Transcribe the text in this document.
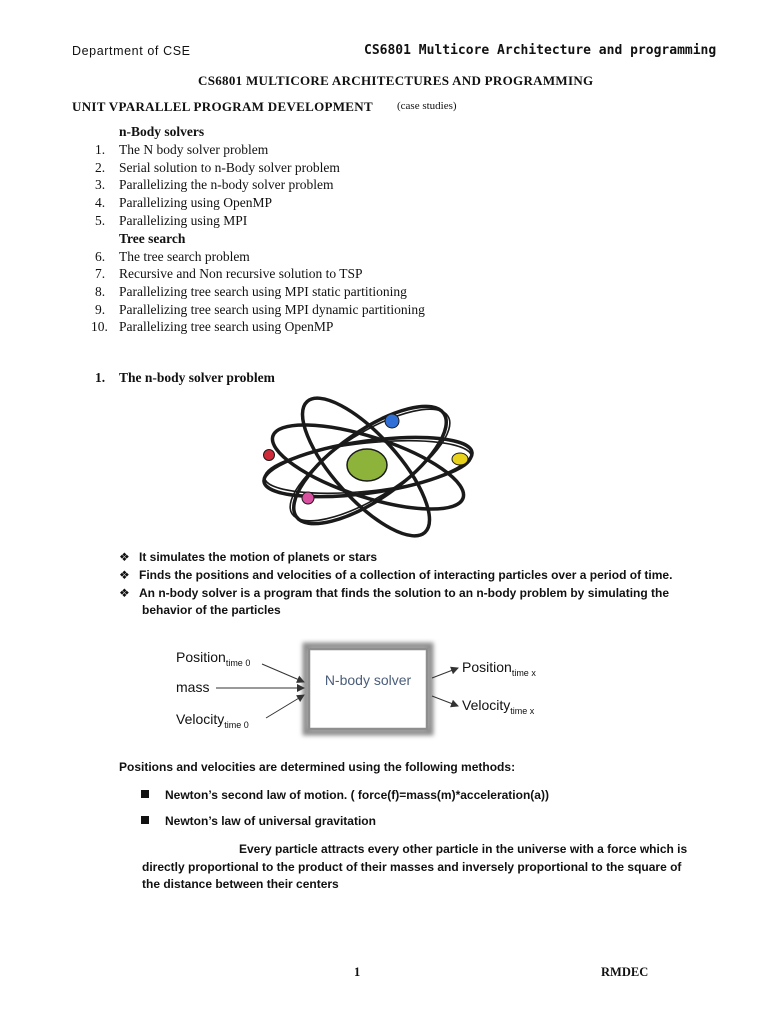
Department of CSE	CS6801 Multicore Architecture and programming
CS6801 MULTICORE ARCHITECTURES AND PROGRAMMING
UNIT VPARALLEL PROGRAM DEVELOPMENT (case studies)
n-Body solvers
1.	The N body solver problem
2.	Serial solution to n-Body solver problem
3.	Parallelizing the n-body solver problem
4.	Parallelizing using OpenMP
5.	Parallelizing using MPI
Tree search
6.	The tree search problem
7.	Recursive and Non recursive solution to TSP
8.	Parallelizing tree search using MPI static partitioning
9.	Parallelizing tree search using MPI dynamic partitioning
10. Parallelizing tree search using OpenMP
1. The n-body solver problem
❖ It simulates the motion of planets or stars
❖ Finds the positions and velocities of a collection of interacting particles over a period of time.
❖ An n-body solver is a program that finds the solution to an n-body problem by simulating the
behavior of the particles
N-body solver
Position$_{time 0}$
mass
Velocity$_{time 0}$
Position$_{time x}$
Velocity$_{time x}$
Positions and velocities are determined using the following methods:
Newton’s second law of motion. ( force(f)=mass(m)*acceleration(a))
Newton’s law of universal gravitation
Every particle attracts every other particle in the universe with a force which is
directly proportional to the product of their masses and inversely proportional to the square of
the distance between their centers
1	RMDEC
